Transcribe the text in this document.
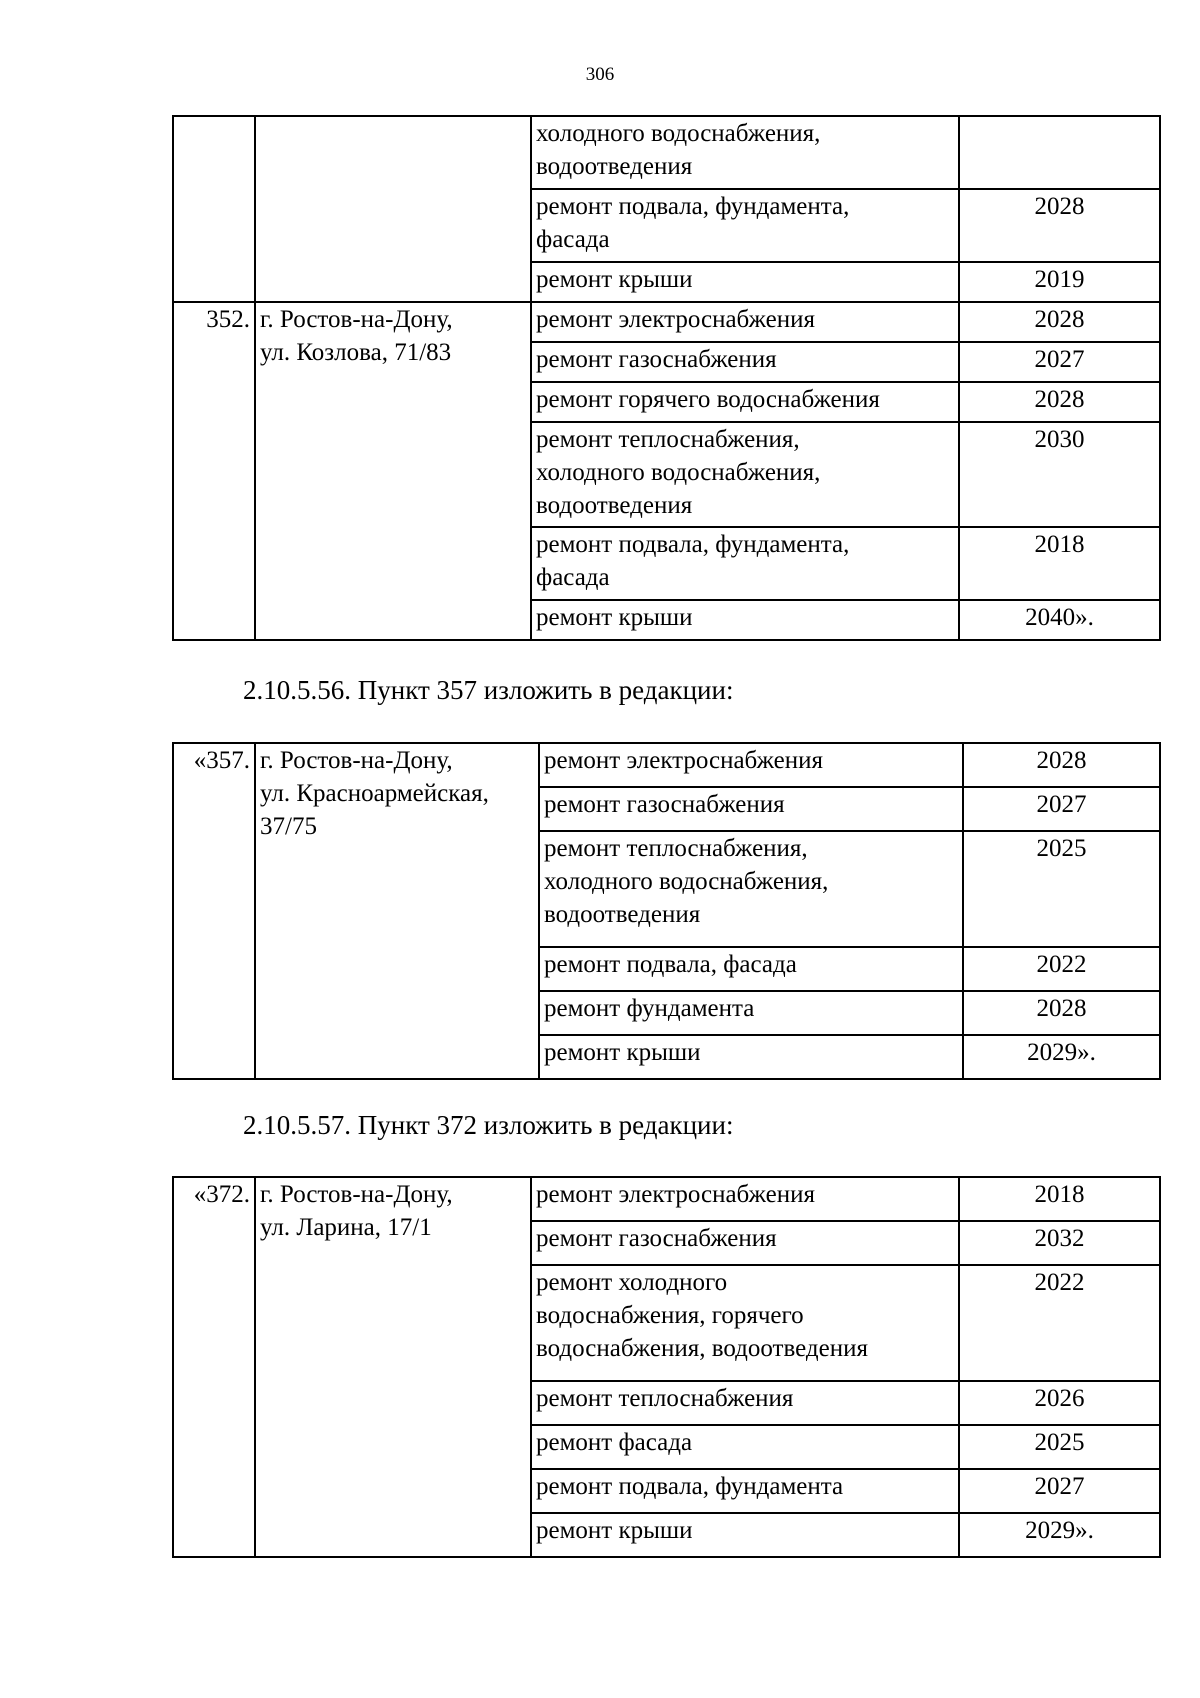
306
		холодного водоснабжения,
водоотведения	
		ремонт подвала, фундамента,
фасада	2028
		ремонт крыши	2019
352.	г. Ростов-на-Дону,
ул. Козлова, 71/83	ремонт электроснабжения	2028
		ремонт газоснабжения	2027
		ремонт горячего водоснабжения	2028
		ремонт теплоснабжения,
холодного водоснабжения,
водоотведения	2030
		ремонт подвала, фундамента,
фасада	2018
		ремонт крыши	2040».
2.10.5.56. Пункт 357 изложить в редакции:
«357.	г. Ростов-на-Дону,
ул. Красноармейская,
37/75	ремонт электроснабжения	2028
		ремонт газоснабжения	2027
		ремонт теплоснабжения,
холодного водоснабжения,
водоотведения	2025
		ремонт подвала, фасада	2022
		ремонт фундамента	2028
		ремонт крыши	2029».
2.10.5.57. Пункт 372 изложить в редакции:
«372.	г. Ростов-на-Дону,
ул. Ларина, 17/1	ремонт электроснабжения	2018
		ремонт газоснабжения	2032
		ремонт холодного
водоснабжения, горячего
водоснабжения, водоотведения	2022
		ремонт теплоснабжения	2026
		ремонт фасада	2025
		ремонт подвала, фундамента	2027
		ремонт крыши	2029».
